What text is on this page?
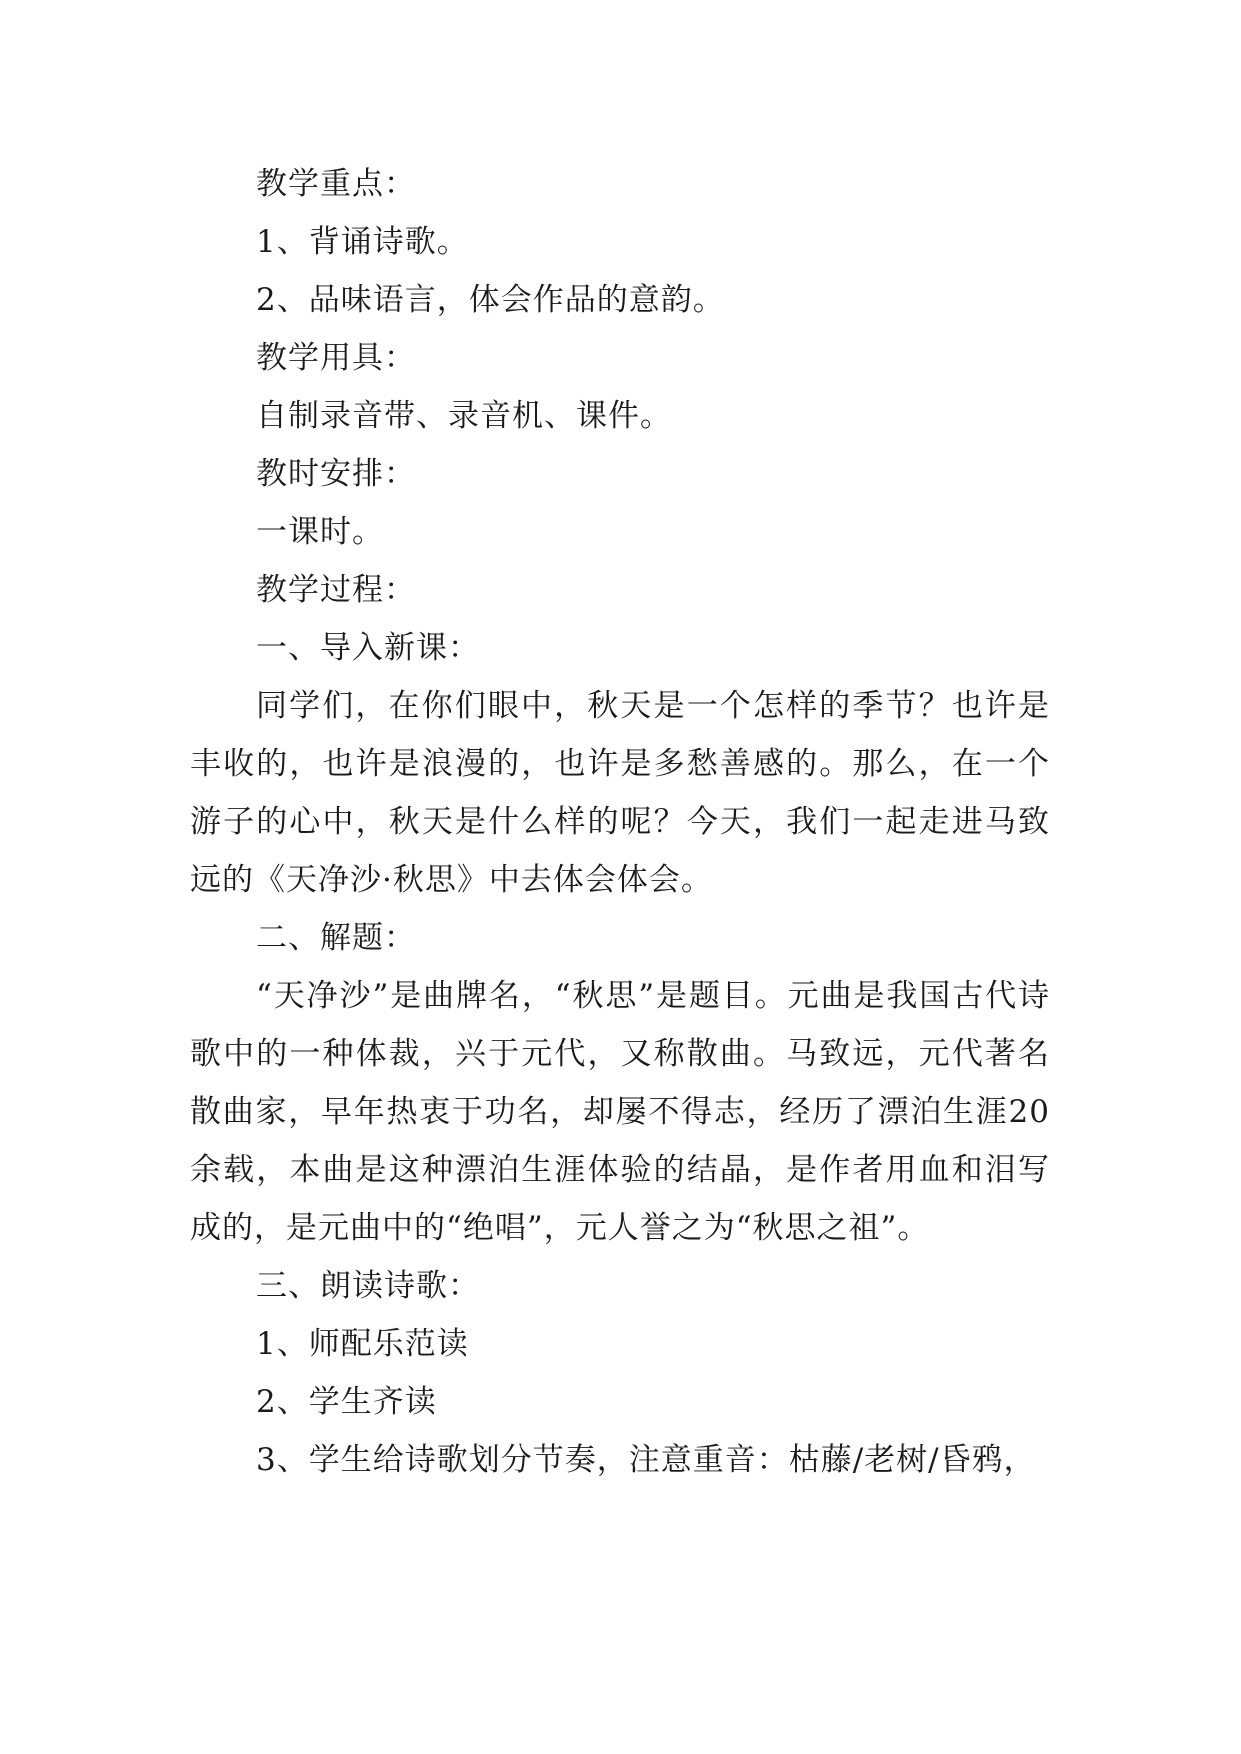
教学重点：

1、背诵诗歌。

2、品味语言，体会作品的意韵。

教学用具：

自制录音带、录音机、课件。

教时安排：

一课时。

教学过程：

一、导入新课：

同学们，在你们眼中，秋天是一个怎样的季节？也许是丰收的，也许是浪漫的，也许是多愁善感的。那么，在一个游子的心中，秋天是什么样的呢？今天，我们一起走进马致远的《天净沙·秋思》中去体会体会。

二、解题：

“天净沙”是曲牌名，“秋思”是题目。元曲是我国古代诗歌中的一种体裁，兴于元代，又称散曲。马致远，元代著名散曲家，早年热衷于功名，却屡不得志，经历了漂泊生涯20余载，本曲是这种漂泊生涯体验的结晶，是作者用血和泪写成的，是元曲中的“绝唱”，元人誉之为“秋思之祖”。

三、朗读诗歌：

1、师配乐范读

2、学生齐读

3、学生给诗歌划分节奏，注意重音：枯藤/老树/昏鸦，
